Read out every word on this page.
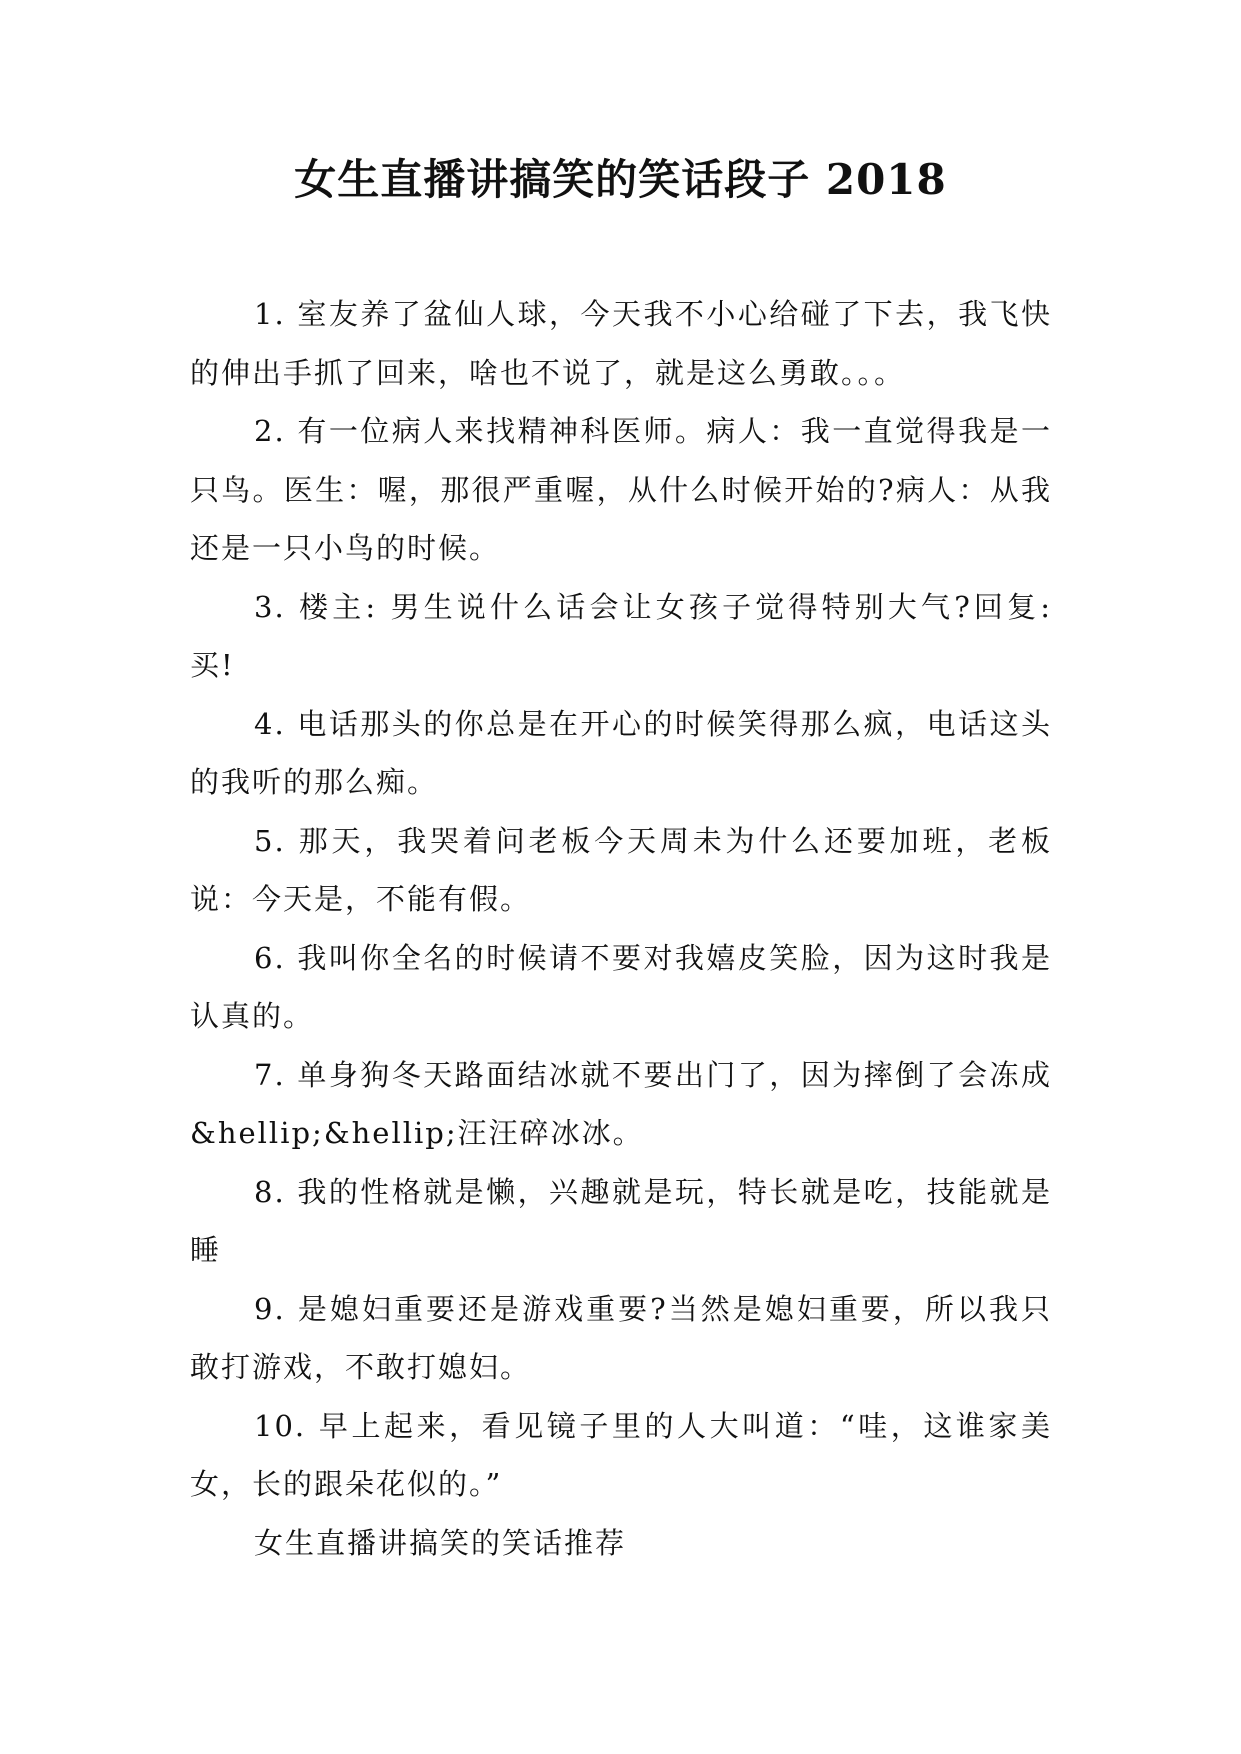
女生直播讲搞笑的笑话段子 2018

1. 室友养了盆仙人球，今天我不小心给碰了下去，我飞快的伸出手抓了回来，啥也不说了，就是这么勇敢。。。

2. 有一位病人来找精神科医师。病人：我一直觉得我是一只鸟。医生：喔，那很严重喔，从什么时候开始的?病人：从我还是一只小鸟的时候。

3. 楼主: 男生说什么话会让女孩子觉得特别大气?回复: 买!

4. 电话那头的你总是在开心的时候笑得那么疯，电话这头的我听的那么痴。

5. 那天，我哭着问老板今天周未为什么还要加班，老板说：今天是，不能有假。

6. 我叫你全名的时候请不要对我嬉皮笑脸，因为这时我是认真的。

7. 单身狗冬天路面结冰就不要出门了，因为摔倒了会冻成&hellip;&hellip;汪汪碎冰冰。

8. 我的性格就是懒，兴趣就是玩，特长就是吃，技能就是睡

9. 是媳妇重要还是游戏重要?当然是媳妇重要，所以我只敢打游戏，不敢打媳妇。

10. 早上起来，看见镜子里的人大叫道：“哇，这谁家美女，长的跟朵花似的。”

女生直播讲搞笑的笑话推荐
